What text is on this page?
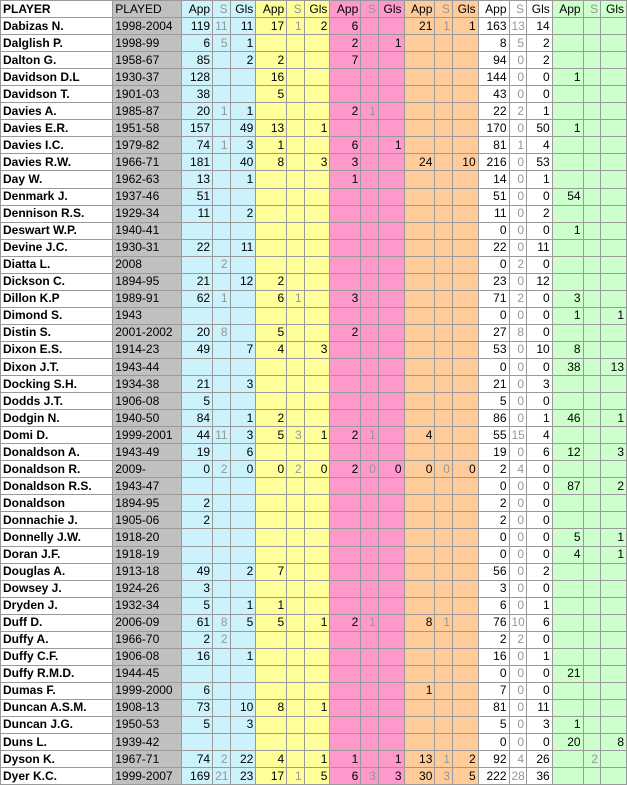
PLAYER	PLAYED	App	S	Gls	App	S	Gls	App	S	Gls	App	S	Gls	App	S	Gls	App	S	Gls
Dabizas N.	1998-2004	119	11	11	17	1	2	6			21	1	1	163	13	14			
Dalglish P.	1998-99	6	5	1				2		1				8	5	2			
Dalton G.	1958-67	85		2	2			7						94	0	2			
Davidson D.L	1930-37	128			16									144	0	0	1		
Davidson T.	1901-03	38			5									43	0	0			
Davies A.	1985-87	20	1	1				2	1					22	2	1			
Davies E.R.	1951-58	157		49	13		1							170	0	50	1		
Davies I.C.	1979-82	74	1	3	1			6		1				81	1	4			
Davies R.W.	1966-71	181		40	8		3	3			24		10	216	0	53			
Day W.	1962-63	13		1				1						14	0	1			
Denmark J.	1937-46	51												51	0	0	54		
Dennison R.S.	1929-34	11		2										11	0	2			
Deswart W.P.	1940-41													0	0	0	1		
Devine J.C.	1930-31	22		11										22	0	11			
Diatta L.	2008		2											0	2	0			
Dickson C.	1894-95	21		12	2									23	0	12			
Dillon K.P	1989-91	62	1		6	1		3						71	2	0	3		
Dimond S.	1943													0	0	0	1		1
Distin S.	2001-2002	20	8		5			2						27	8	0			
Dixon E.S.	1914-23	49		7	4		3							53	0	10	8		
Dixon J.T.	1943-44													0	0	0	38		13
Docking S.H.	1934-38	21		3										21	0	3			
Dodds J.T.	1906-08	5												5	0	0			
Dodgin N.	1940-50	84		1	2									86	0	1	46		1
Domi D.	1999-2001	44	11	3	5	3	1	2	1		4			55	15	4			
Donaldson A.	1943-49	19		6										19	0	6	12		3
Donaldson R.	2009-	0	2	0	0	2	0	2	0	0	0	0	0	2	4	0			
Donaldson R.S.	1943-47													0	0	0	87		2
Donaldson	1894-95	2												2	0	0			
Donnachie J.	1905-06	2												2	0	0			
Donnelly J.W.	1918-20													0	0	0	5		1
Doran J.F.	1918-19													0	0	0	4		1
Douglas A.	1913-18	49		2	7									56	0	2			
Dowsey J.	1924-26	3												3	0	0			
Dryden J.	1932-34	5		1	1									6	0	1			
Duff D.	2006-09	61	8	5	5		1	2	1		8	1		76	10	6			
Duffy A.	1966-70	2	2											2	2	0			
Duffy C.F.	1906-08	16		1										16	0	1			
Duffy R.M.D.	1944-45													0	0	0	21		
Dumas F.	1999-2000	6									1			7	0	0			
Duncan A.S.M.	1908-13	73		10	8		1							81	0	11			
Duncan J.G.	1950-53	5		3										5	0	3	1		
Duns L.	1939-42													0	0	0	20		8
Dyson K.	1967-71	74	2	22	4		1	1		1	13	1	2	92	4	26		2	
Dyer K.C.	1999-2007	169	21	23	17	1	5	6	3	3	30	3	5	222	28	36			
